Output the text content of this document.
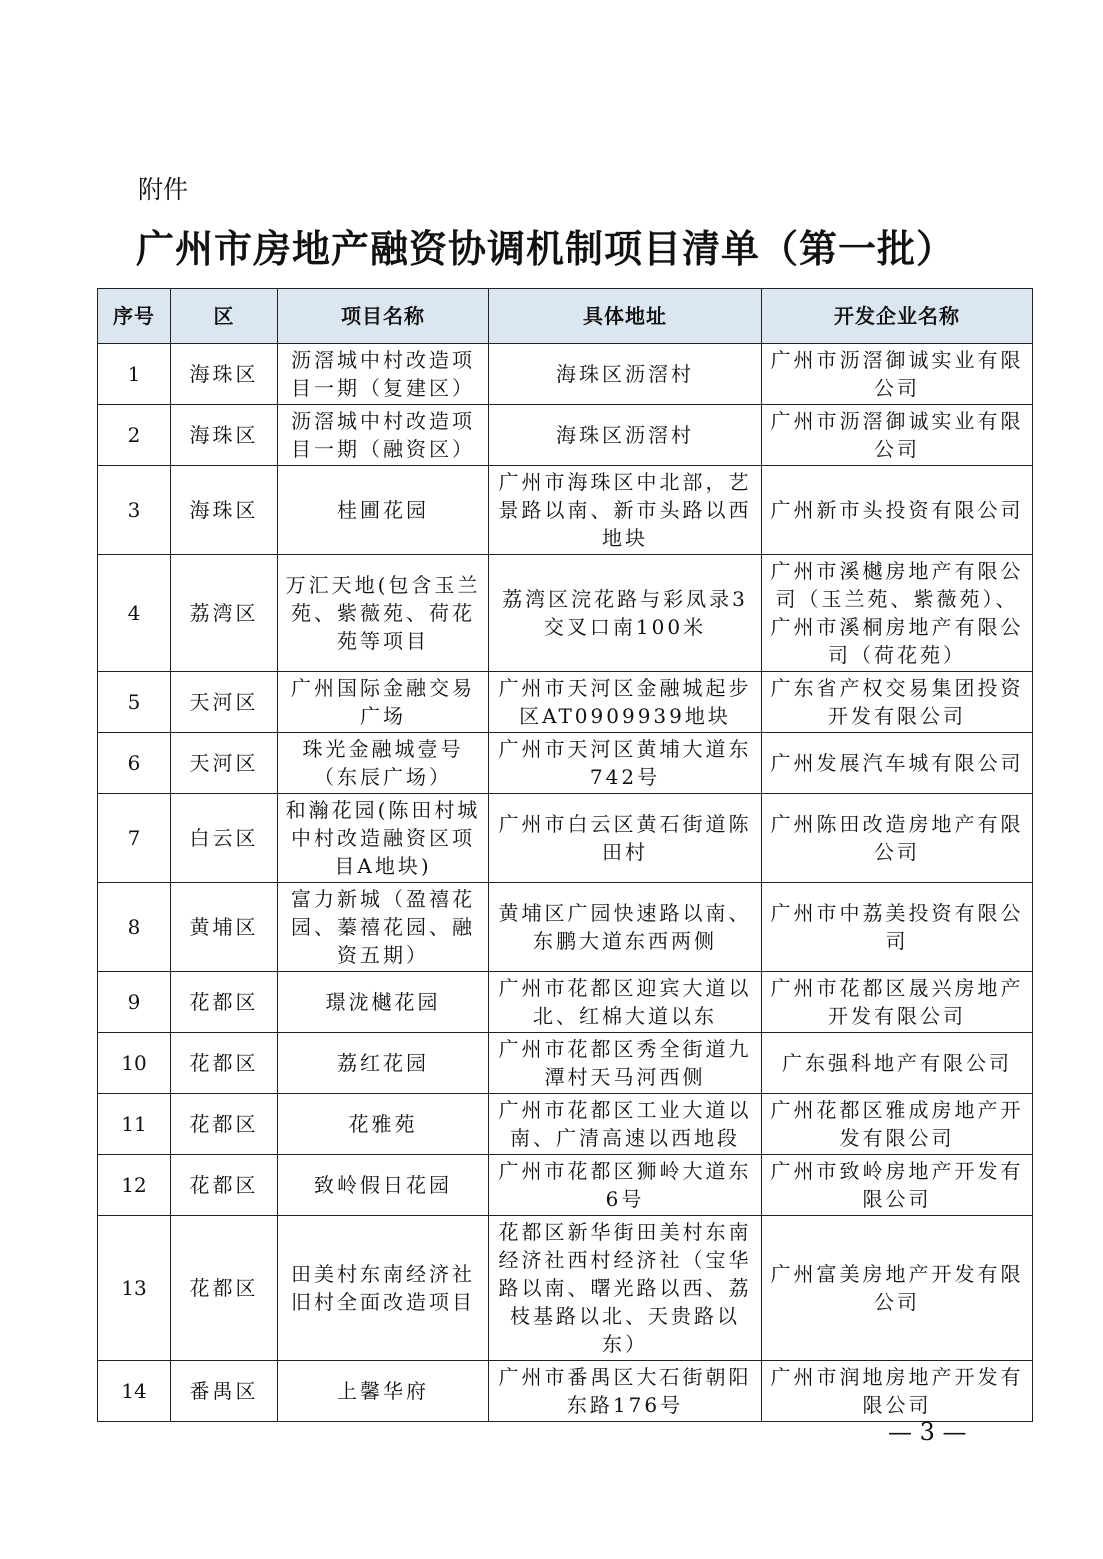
附件
广州市房地产融资协调机制项目清单（第一批）
序号	区	项目名称	具体地址	开发企业名称
1	海珠区	沥滘城中村改造项目一期（复建区）	海珠区沥滘村	广州市沥滘御诚实业有限公司
2	海珠区	沥滘城中村改造项目一期（融资区）	海珠区沥滘村	广州市沥滘御诚实业有限公司
3	海珠区	桂圃花园	广州市海珠区中北部，艺景路以南、新市头路以西地块	广州新市头投资有限公司
4	荔湾区	万汇天地(包含玉兰苑、紫薇苑、荷花苑等项目	荔湾区浣花路与彩凤录3交叉口南100米	广州市溪樾房地产有限公司（玉兰苑、紫薇苑）、广州市溪桐房地产有限公司（荷花苑）
5	天河区	广州国际金融交易广场	广州市天河区金融城起步区AT0909939地块	广东省产权交易集团投资开发有限公司
6	天河区	珠光金融城壹号（东辰广场）	广州市天河区黄埔大道东742号	广州发展汽车城有限公司
7	白云区	和瀚花园(陈田村城中村改造融资区项目A地块)	广州市白云区黄石街道陈田村	广州陈田改造房地产有限公司
8	黄埔区	富力新城（盈禧花园、蓁禧花园、融资五期）	黄埔区广园快速路以南、东鹏大道东西两侧	广州市中荔美投资有限公司
9	花都区	璟泷樾花园	广州市花都区迎宾大道以北、红棉大道以东	广州市花都区晟兴房地产开发有限公司
10	花都区	荔红花园	广州市花都区秀全街道九潭村天马河西侧	广东强科地产有限公司
11	花都区	花雅苑	广州市花都区工业大道以南、广清高速以西地段	广州花都区雅成房地产开发有限公司
12	花都区	致岭假日花园	广州市花都区狮岭大道东6号	广州市致岭房地产开发有限公司
13	花都区	田美村东南经济社旧村全面改造项目	花都区新华街田美村东南经济社西村经济社（宝华路以南、曙光路以西、荔枝基路以北、天贵路以东）	广州富美房地产开发有限公司
14	番禺区	上馨华府	广州市番禺区大石街朝阳东路176号	广州市润地房地产开发有限公司
— 3 —
